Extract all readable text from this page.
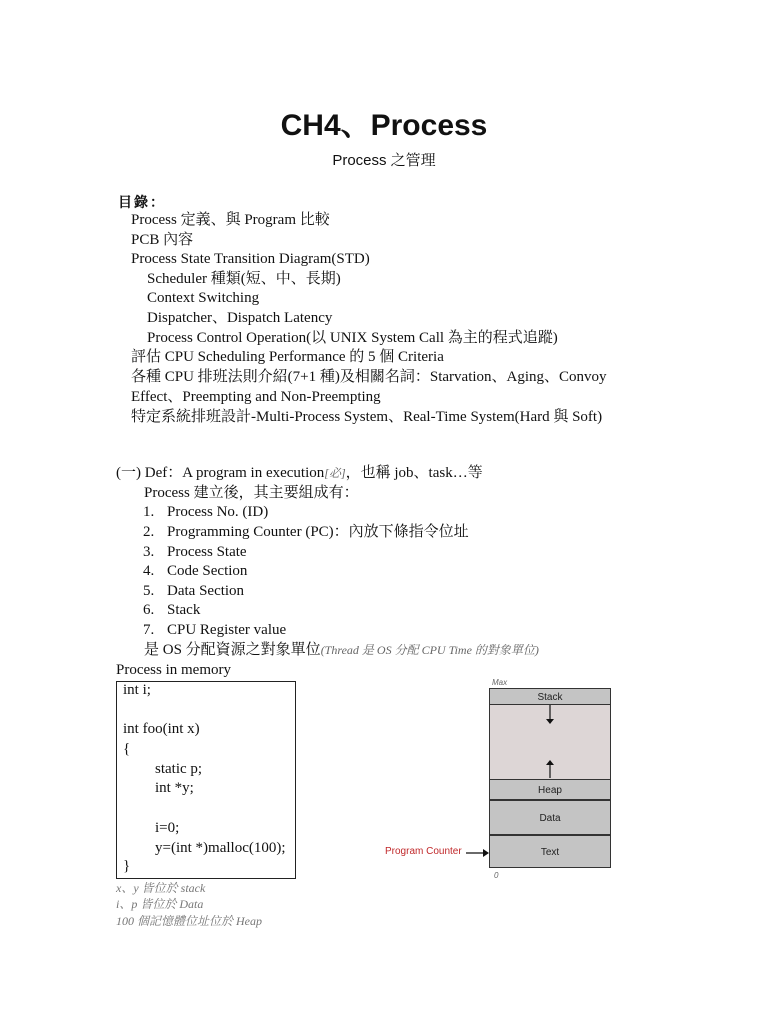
CH4、Process
Process 之管理
目錄：
Process 定義、與 Program 比較
PCB 內容
Process State Transition Diagram(STD)
Scheduler 種類(短、中、長期)
Context Switching
Dispatcher、Dispatch Latency
Process Control Operation(以 UNIX System Call 為主的程式追蹤)
評估 CPU Scheduling Performance 的 5 個 Criteria
各種 CPU 排班法則介紹(7+1 種)及相關名詞：Starvation、Aging、Convoy
Effect、Preempting and Non-Preempting
特定系統排班設計-Multi-Process System、Real-Time System(Hard 與 Soft)
(一) Def：A program in execution[必]，也稱 job、task…等
Process 建立後，其主要組成有：
1. Process No. (ID)
2. Programming Counter (PC)：內放下條指令位址
3. Process State
4. Code Section
5. Data Section
6. Stack
7. CPU Register value
是 OS 分配資源之對象單位(Thread 是 OS 分配 CPU Time 的對象單位)
Process in memory
int i;
int foo(int x)
{
static p;
int *y;
i=0;
y=(int *)malloc(100);
}
x、y 皆位於 stack
i、p 皆位於 Data
100 個記憶體位址位於 Heap
Max
0
Stack
Heap
Data
Text
Program Counter
